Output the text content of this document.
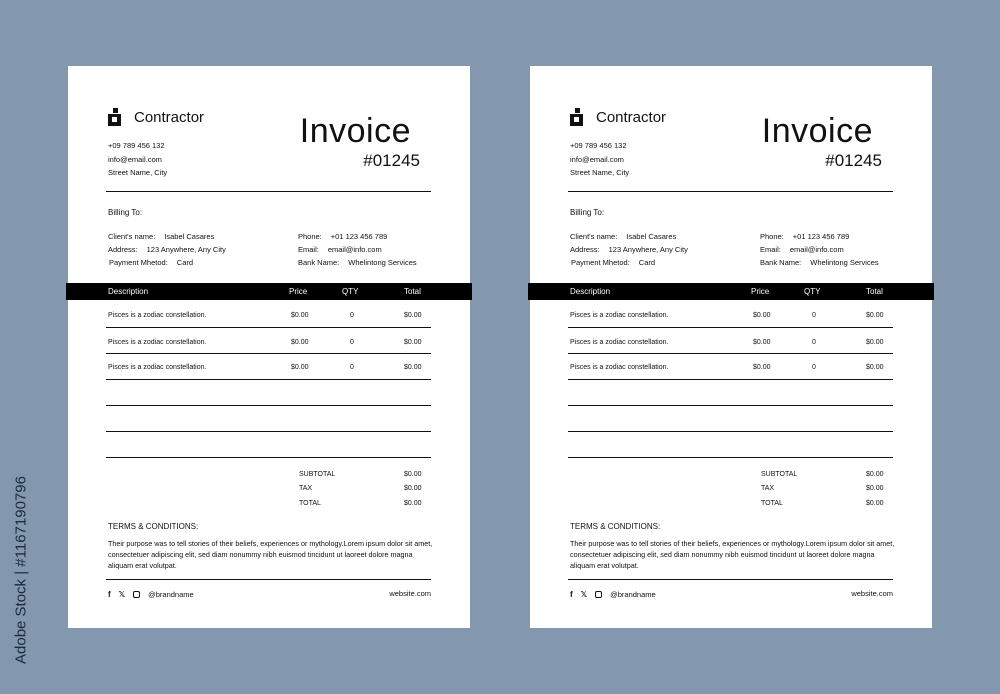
Contractor
+09 789 456 132
info@email.com
Street Name, City
Invoice
#01245
Billing To:
Client's name: Isabel Casares
Address: 123 Anywhere, Any City
Payment Mhetod: Card
Phone: +01 123 456 789
Email: email@info.com
Bank Name: Whelintong Services
Description	Price	QTY	Total
Pisces is a zodiac constellation.	$0.00	0	$0.00
Pisces is a zodiac constellation.	$0.00	0	$0.00
Pisces is a zodiac constellation.	$0.00	0	$0.00
SUBTOTAL	$0.00
TAX	$0.00
TOTAL	$0.00
TERMS & CONDITIONS:
Their purpose was to tell stories of their beliefs, experiences or mythology.Lorem ipsum dolor sit amet, consectetuer adipiscing elit, sed diam nonummy nibh euismod tincidunt ut laoreet dolore magna aliquam erat volutpat.
f 𝕏	@brandname	website.com
Contractor
+09 789 456 132
info@email.com
Street Name, City
Invoice
#01245
Billing To:
Client's name: Isabel Casares
Address: 123 Anywhere, Any City
Payment Mhetod: Card
Phone: +01 123 456 789
Email: email@info.com
Bank Name: Whelintong Services
Description	Price	QTY	Total
Pisces is a zodiac constellation.	$0.00	0	$0.00
Pisces is a zodiac constellation.	$0.00	0	$0.00
Pisces is a zodiac constellation.	$0.00	0	$0.00
SUBTOTAL	$0.00
TAX	$0.00
TOTAL	$0.00
TERMS & CONDITIONS:
Their purpose was to tell stories of their beliefs, experiences or mythology.Lorem ipsum dolor sit amet, consectetuer adipiscing elit, sed diam nonummy nibh euismod tincidunt ut laoreet dolore magna aliquam erat volutpat.
f 𝕏	@brandname	website.com
Adobe Stock | #1167190796
